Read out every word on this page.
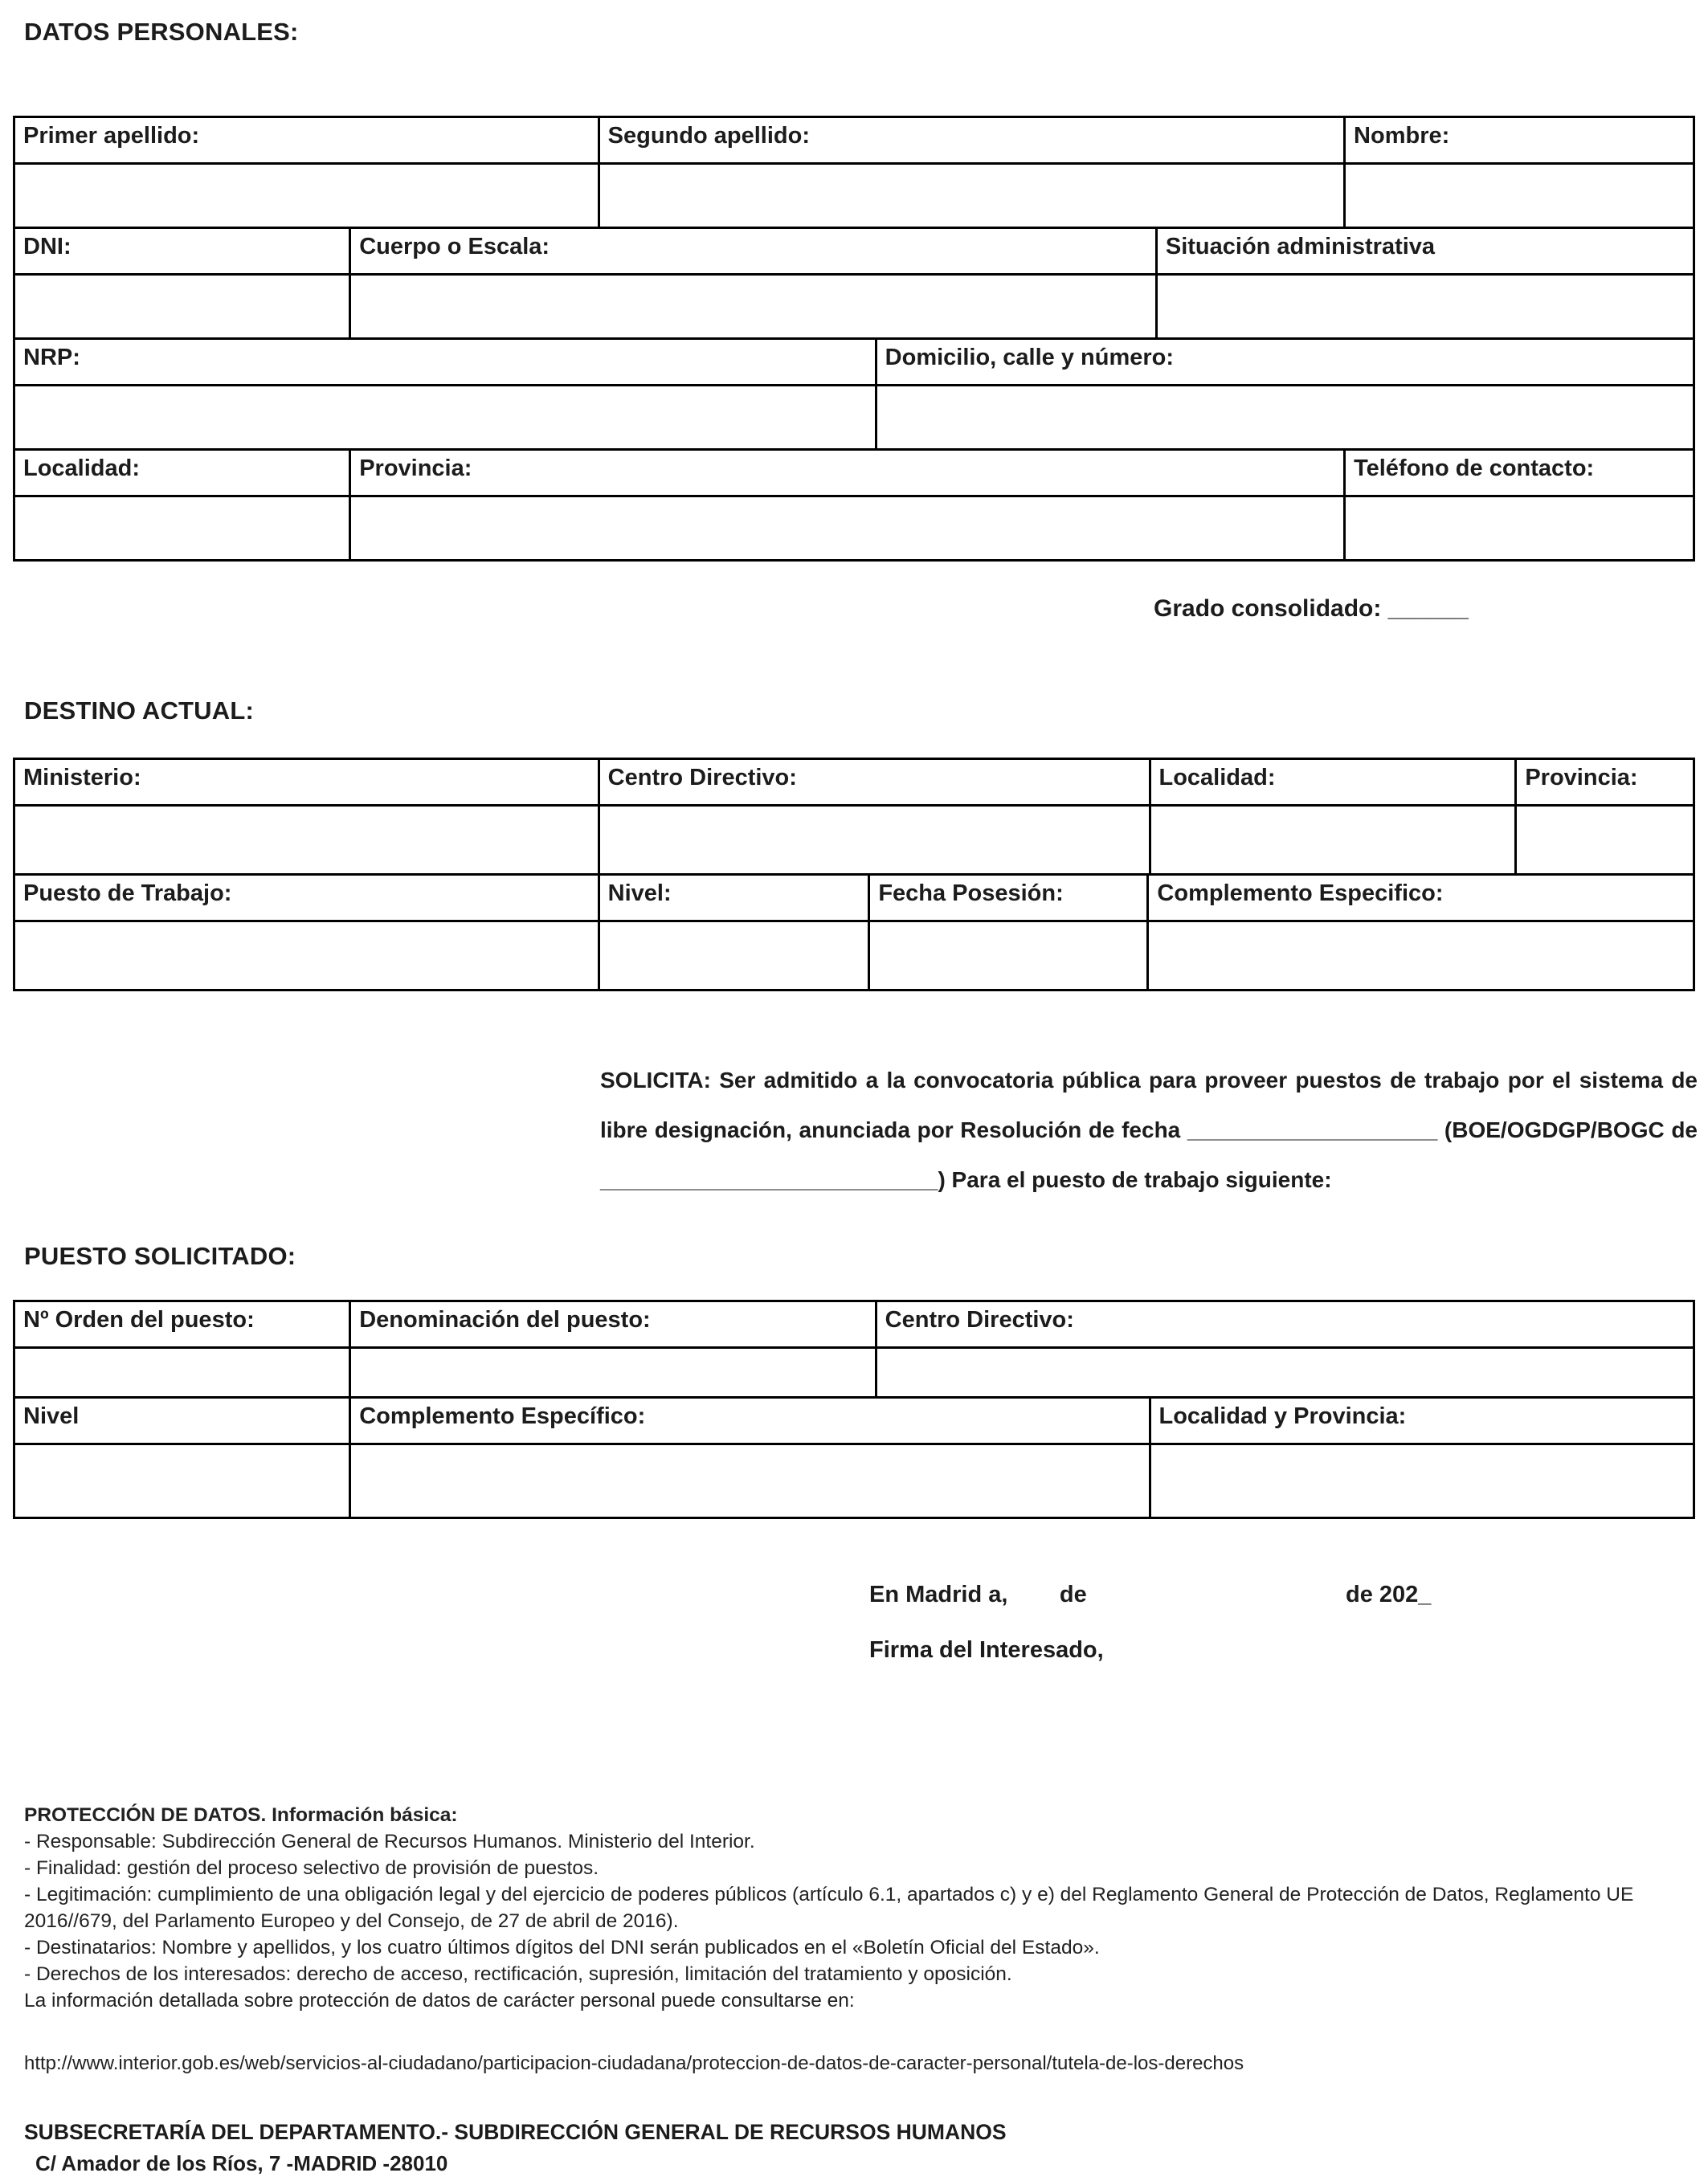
DATOS PERSONALES:
Primer apellido:	Segundo apellido:	Nombre:

DNI:	Cuerpo o Escala:	Situación administrativa

NRP:	Domicilio, calle y número:

Localidad:	Provincia:	Teléfono de contacto:

Grado consolidado: ______
DESTINO ACTUAL:
Ministerio:	Centro Directivo:	Localidad:	Provincia:

Puesto de Trabajo:	Nivel:	Fecha Posesión:	Complemento Especifico:

SOLICITA: Ser admitido a la convocatoria pública para proveer puestos de trabajo por el sistema de libre designación, anunciada por Resolución de fecha ____________________ (BOE/OGDGP/BOGC de ___________________________) Para el puesto de trabajo siguiente:

PUESTO SOLICITADO:
Nº Orden del puesto:	Denominación del puesto:	Centro Directivo:

Nivel	Complemento Específico:	Localidad y Provincia:

En Madrid a,        de                                        de 202_
Firma del Interesado,
PROTECCIÓN DE DATOS. Información básica:
- Responsable: Subdirección General de Recursos Humanos. Ministerio del Interior.
- Finalidad: gestión del proceso selectivo de provisión de puestos.
- Legitimación: cumplimiento de una obligación legal y del ejercicio de poderes públicos (artículo 6.1, apartados c) y e) del Reglamento General de Protección de Datos, Reglamento UE 2016//679, del Parlamento Europeo y del Consejo, de 27 de abril de 2016).
- Destinatarios: Nombre y apellidos, y los cuatro últimos dígitos del DNI serán publicados en el «Boletín Oficial del Estado».
- Derechos de los interesados: derecho de acceso, rectificación, supresión, limitación del tratamiento y oposición.
La información detallada sobre protección de datos de carácter personal puede consultarse en:
http://www.interior.gob.es/web/servicios-al-ciudadano/participacion-ciudadana/proteccion-de-datos-de-caracter-personal/tutela-de-los-derechos
SUBSECRETARÍA DEL DEPARTAMENTO.- SUBDIRECCIÓN GENERAL DE RECURSOS HUMANOS
C/ Amador de los Ríos, 7 -MADRID -28010
